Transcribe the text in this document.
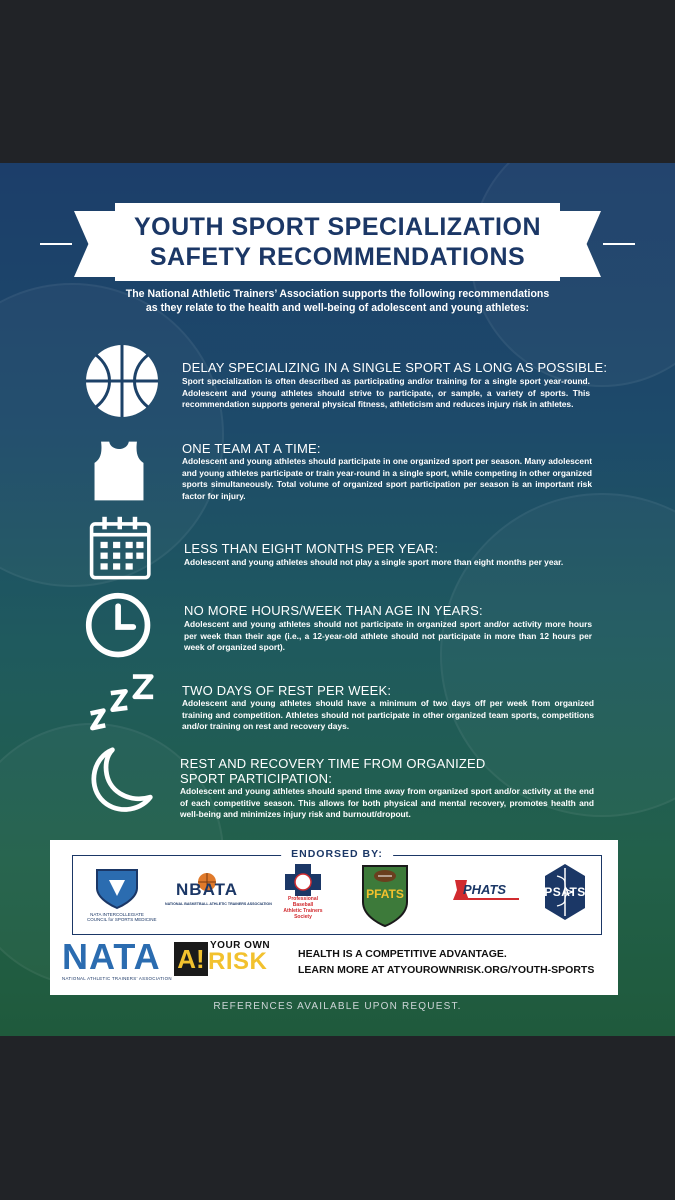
YOUTH SPORT SPECIALIZATION
SAFETY RECOMMENDATIONS
The National Athletic Trainers’ Association supports the following recommendations
as they relate to the health and well-being of adolescent and young athletes:
DELAY SPECIALIZING IN A SINGLE SPORT AS LONG AS POSSIBLE:
Sport specialization is often described as participating and/or training for a single sport year-round. Adolescent and young athletes should strive to participate, or sample, a variety of sports. This recommendation supports general physical fitness, athleticism and reduces injury risk in athletes.
ONE TEAM AT A TIME:
Adolescent and young athletes should participate in one organized sport per season. Many adolescent and young athletes participate or train year-round in a single sport, while competing in other organized sports simultaneously. Total volume of organized sport participation per season is an important risk factor for injury.
LESS THAN EIGHT MONTHS PER YEAR:
Adolescent and young athletes should not play a single sport more than eight months per year.
NO MORE HOURS/WEEK THAN AGE IN YEARS:
Adolescent and young athletes should not participate in organized sport and/or activity more hours per week than their age (i.e., a 12-year-old athlete should not participate in more than 12 hours per week of organized sport).
TWO DAYS OF REST PER WEEK:
Adolescent and young athletes should have a minimum of two days off per week from organized training and competition. Athletes should not participate in other organized team sports, competitions and/or training on rest and recovery days.
REST AND RECOVERY TIME FROM ORGANIZED
SPORT PARTICIPATION:
Adolescent and young athletes should spend time away from organized sport and/or activity at the end of each competitive season. This allows for both physical and mental recovery, promotes health and well-being and minimizes injury risk and burnout/dropout.
ENDORSED BY:
NATA INTERCOLLEGIATE
COUNCIL for SPORTS MEDICINE
NBATA
NATIONAL BASKETBALL ATHLETIC TRAINERS ASSOCIATION
Professional
Baseball
Athletic Trainers
Society
PFATS	PHATS	PSATS
NATA
NATIONAL ATHLETIC TRAINERS’ ASSOCIATION
A! YOUR OWN
RISK	HEALTH IS A COMPETITIVE ADVANTAGE.
LEARN MORE AT ATYOUROWNRISK.ORG/YOUTH-SPORTS
REFERENCES AVAILABLE UPON REQUEST.
